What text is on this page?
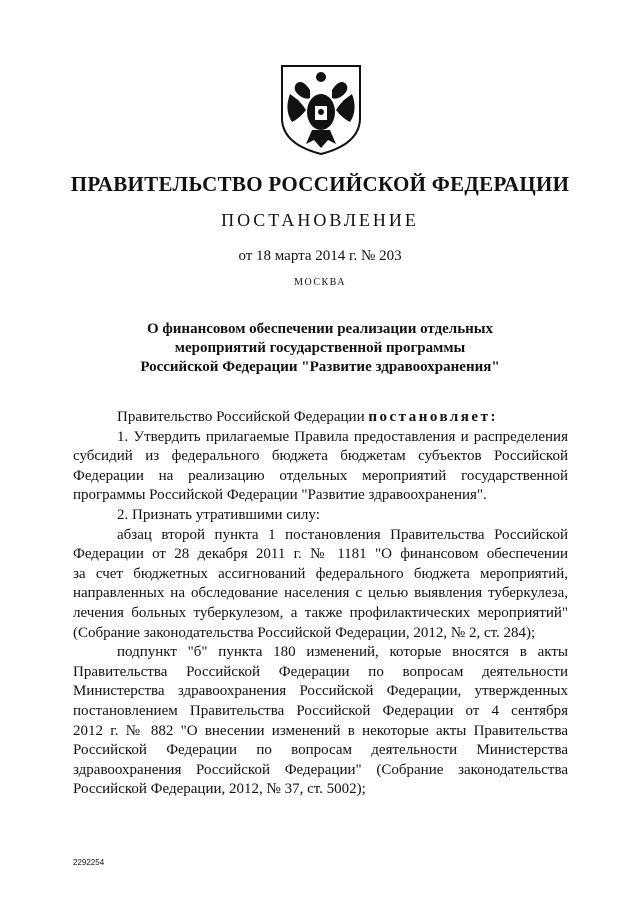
ПРАВИТЕЛЬСТВО РОССИЙСКОЙ ФЕДЕРАЦИИ
ПОСТАНОВЛЕНИЕ
от 18 марта 2014 г. № 203
МОСКВА
О финансовом обеспечении реализации отдельных
мероприятий государственной программы
Российской Федерации "Развитие здравоохранения"
Правительство Российской Федерации постановляет:
1. Утвердить прилагаемые Правила предоставления и распределения
субсидий из федерального бюджета бюджетам субъектов Российской
Федерации на реализацию отдельных мероприятий государственной
программы Российской Федерации "Развитие здравоохранения".
2. Признать утратившими силу:
абзац второй пункта 1 постановления Правительства Российской
Федерации от 28 декабря 2011 г. № 1181 "О финансовом обеспечении
за счет бюджетных ассигнований федерального бюджета мероприятий,
направленных на обследование населения с целью выявления туберкулеза,
лечения больных туберкулезом, а также профилактических мероприятий"
(Собрание законодательства Российской Федерации, 2012, № 2, ст. 284);
подпункт "б" пункта 180 изменений, которые вносятся в акты
Правительства Российской Федерации по вопросам деятельности
Министерства здравоохранения Российской Федерации, утвержденных
постановлением Правительства Российской Федерации от 4 сентября
2012 г. № 882 "О внесении изменений в некоторые акты Правительства
Российской Федерации по вопросам деятельности Министерства
здравоохранения Российской Федерации" (Собрание законодательства
Российской Федерации, 2012, № 37, ст. 5002);
2292254
